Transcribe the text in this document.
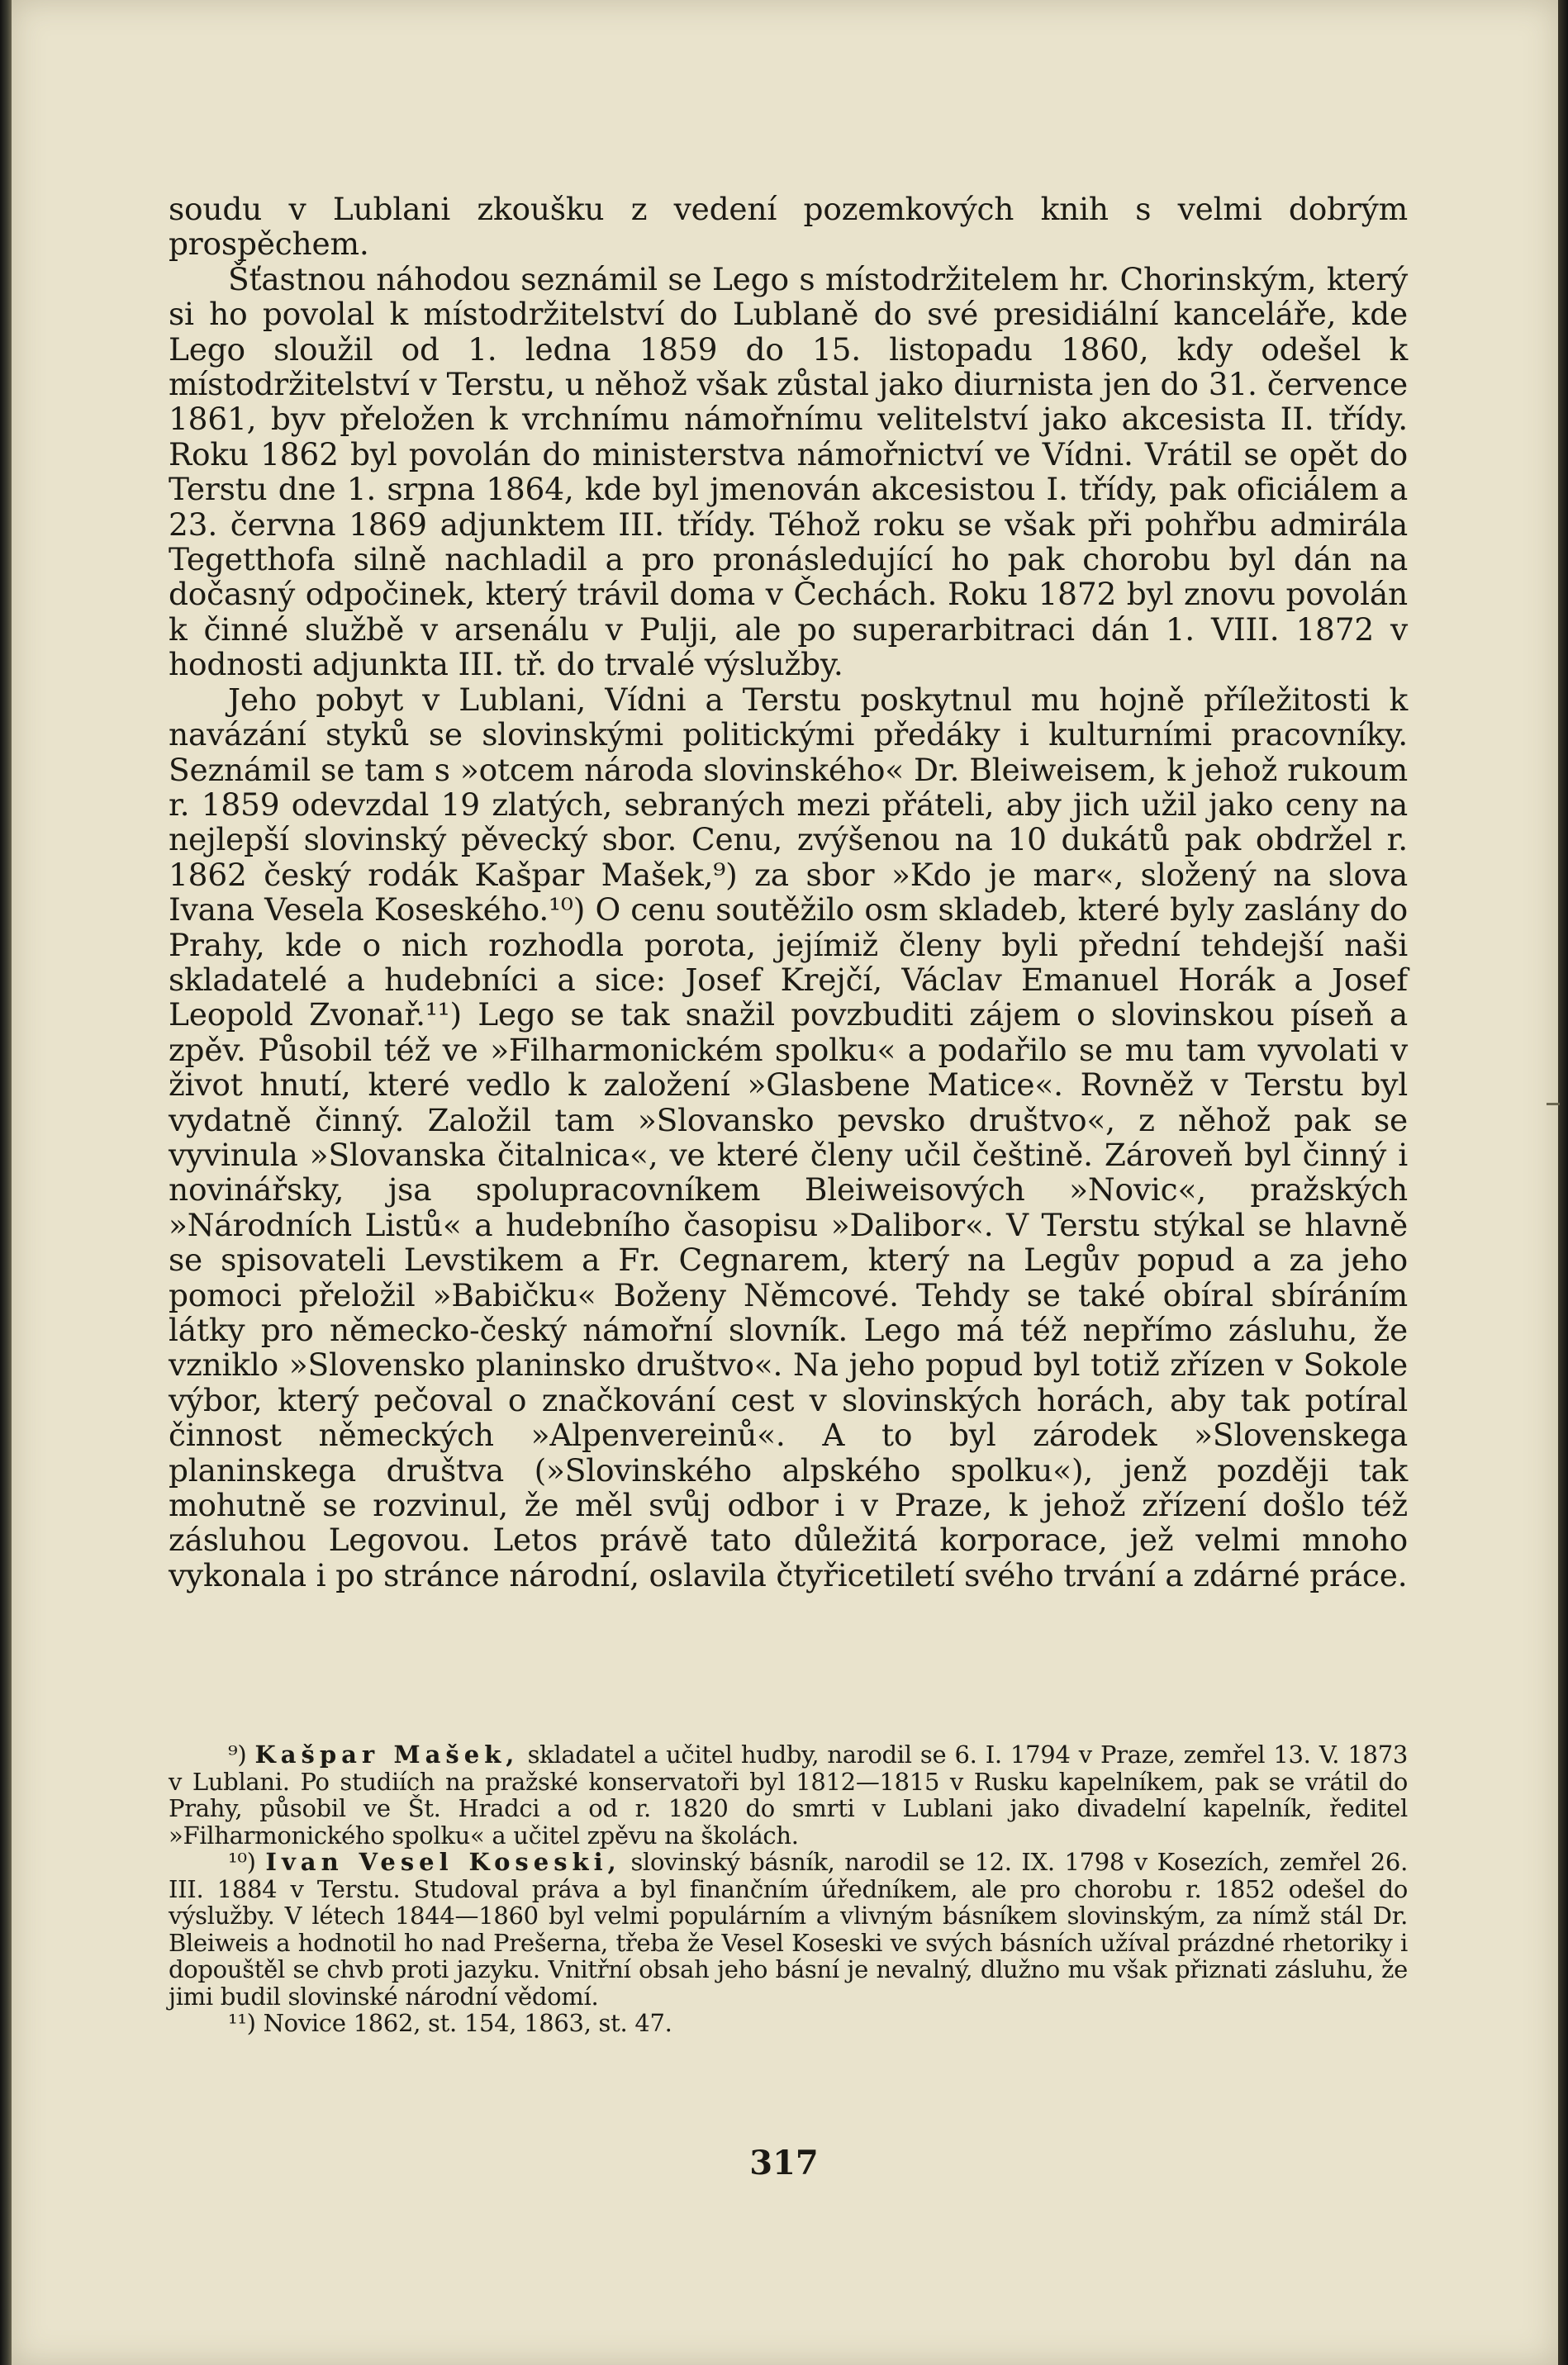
soudu v Lublani zkoušku z vedení pozemkových knih s velmi dobrým prospěchem.

Šťastnou náhodou seznámil se Lego s místodržitelem hr. Chorinským, který si ho povolal k místodržitelství do Lublaně do své presidiální kanceláře, kde Lego sloužil od 1. ledna 1859 do 15. listopadu 1860, kdy odešel k místodržitelství v Terstu, u něhož však zůstal jako diurnista jen do 31. července 1861, byv přeložen k vrchnímu námořnímu velitelství jako akcesista II. třídy. Roku 1862 byl povolán do ministerstva námořnictví ve Vídni. Vrátil se opět do Terstu dne 1. srpna 1864, kde byl jmenován akcesistou I. třídy, pak oficiálem a 23. června 1869 adjunktem III. třídy. Téhož roku se však při pohřbu admirála Tegetthofa silně nachladil a pro pronásledující ho pak chorobu byl dán na dočasný odpočinek, který trávil doma v Čechách. Roku 1872 byl znovu povolán k činné službě v arsenálu v Pulji, ale po superarbitraci dán 1. VIII. 1872 v hodnosti adjunkta III. tř. do trvalé výslužby.

Jeho pobyt v Lublani, Vídni a Terstu poskytnul mu hojně příležitosti k navázání styků se slovinskými politickými předáky i kulturními pracovníky. Seznámil se tam s »otcem národa slovinského« Dr. Bleiweisem, k jehož rukoum r. 1859 odevzdal 19 zlatých, sebraných mezi přáteli, aby jich užil jako ceny na nejlepší slovinský pěvecký sbor. Cenu, zvýšenou na 10 dukátů pak obdržel r. 1862 český rodák Kašpar Mašek,⁹) za sbor »Kdo je mar«, složený na slova Ivana Vesela Koseského.¹⁰) O cenu soutěžilo osm skladeb, které byly zaslány do Prahy, kde o nich rozhodla porota, jejímiž členy byli přední tehdejší naši skladatelé a hudebníci a sice: Josef Krejčí, Václav Emanuel Horák a Josef Leopold Zvonař.¹¹) Lego se tak snažil povzbuditi zájem o slovinskou píseň a zpěv. Působil též ve »Filharmonickém spolku« a podařilo se mu tam vyvolati v život hnutí, které vedlo k založení »Glasbene Matice«. Rovněž v Terstu byl vydatně činný. Založil tam »Slovansko pevsko društvo«, z něhož pak se vyvinula »Slovanska čitalnica«, ve které členy učil češtině. Zároveň byl činný i novinářsky, jsa spolupracovníkem Bleiweisových »Novic«, pražských »Národních Listů« a hudebního časopisu »Dalibor«. V Terstu stýkal se hlavně se spisovateli Levstikem a Fr. Cegnarem, který na Legův popud a za jeho pomoci přeložil »Babičku« Boženy Němcové. Tehdy se také obíral sbíráním látky pro německo-český námořní slovník. Lego má též nepřímo zásluhu, že vzniklo »Slovensko planinsko društvo«. Na jeho popud byl totiž zřízen v Sokole výbor, který pečoval o značkování cest v slovinských horách, aby tak potíral činnost německých »Alpenvereinů«. A to byl zárodek »Slovenskega planinskega društva (»Slovinského alpského spolku«), jenž později tak mohutně se rozvinul, že měl svůj odbor i v Praze, k jehož zřízení došlo též zásluhou Legovou. Letos právě tato důležitá korporace, jež velmi mnoho vykonala i po stránce národní, oslavila čtyřicetiletí svého trvání a zdárné práce.

⁹) Kašpar Mašek, skladatel a učitel hudby, narodil se 6. I. 1794 v Praze, zemřel 13. V. 1873 v Lublani. Po studiích na pražské konservatoři byl 1812—1815 v Rusku kapelníkem, pak se vrátil do Prahy, působil ve Št. Hradci a od r. 1820 do smrti v Lublani jako divadelní kapelník, ředitel »Filharmonického spolku« a učitel zpěvu na školách.

¹⁰) Ivan Vesel Koseski, slovinský básník, narodil se 12. IX. 1798 v Kosezích, zemřel 26. III. 1884 v Terstu. Studoval práva a byl finančním úředníkem, ale pro chorobu r. 1852 odešel do výslužby. V létech 1844—1860 byl velmi populárním a vlivným básníkem slovinským, za nímž stál Dr. Bleiweis a hodnotil ho nad Prešerna, třeba že Vesel Koseski ve svých básních užíval prázdné rhetoriky i dopouštěl se chvb proti jazyku. Vnitřní obsah jeho básní je nevalný, dlužno mu však přiznati zásluhu, že jimi budil slovinské národní vědomí.

¹¹) Novice 1862, st. 154, 1863, st. 47.

317
